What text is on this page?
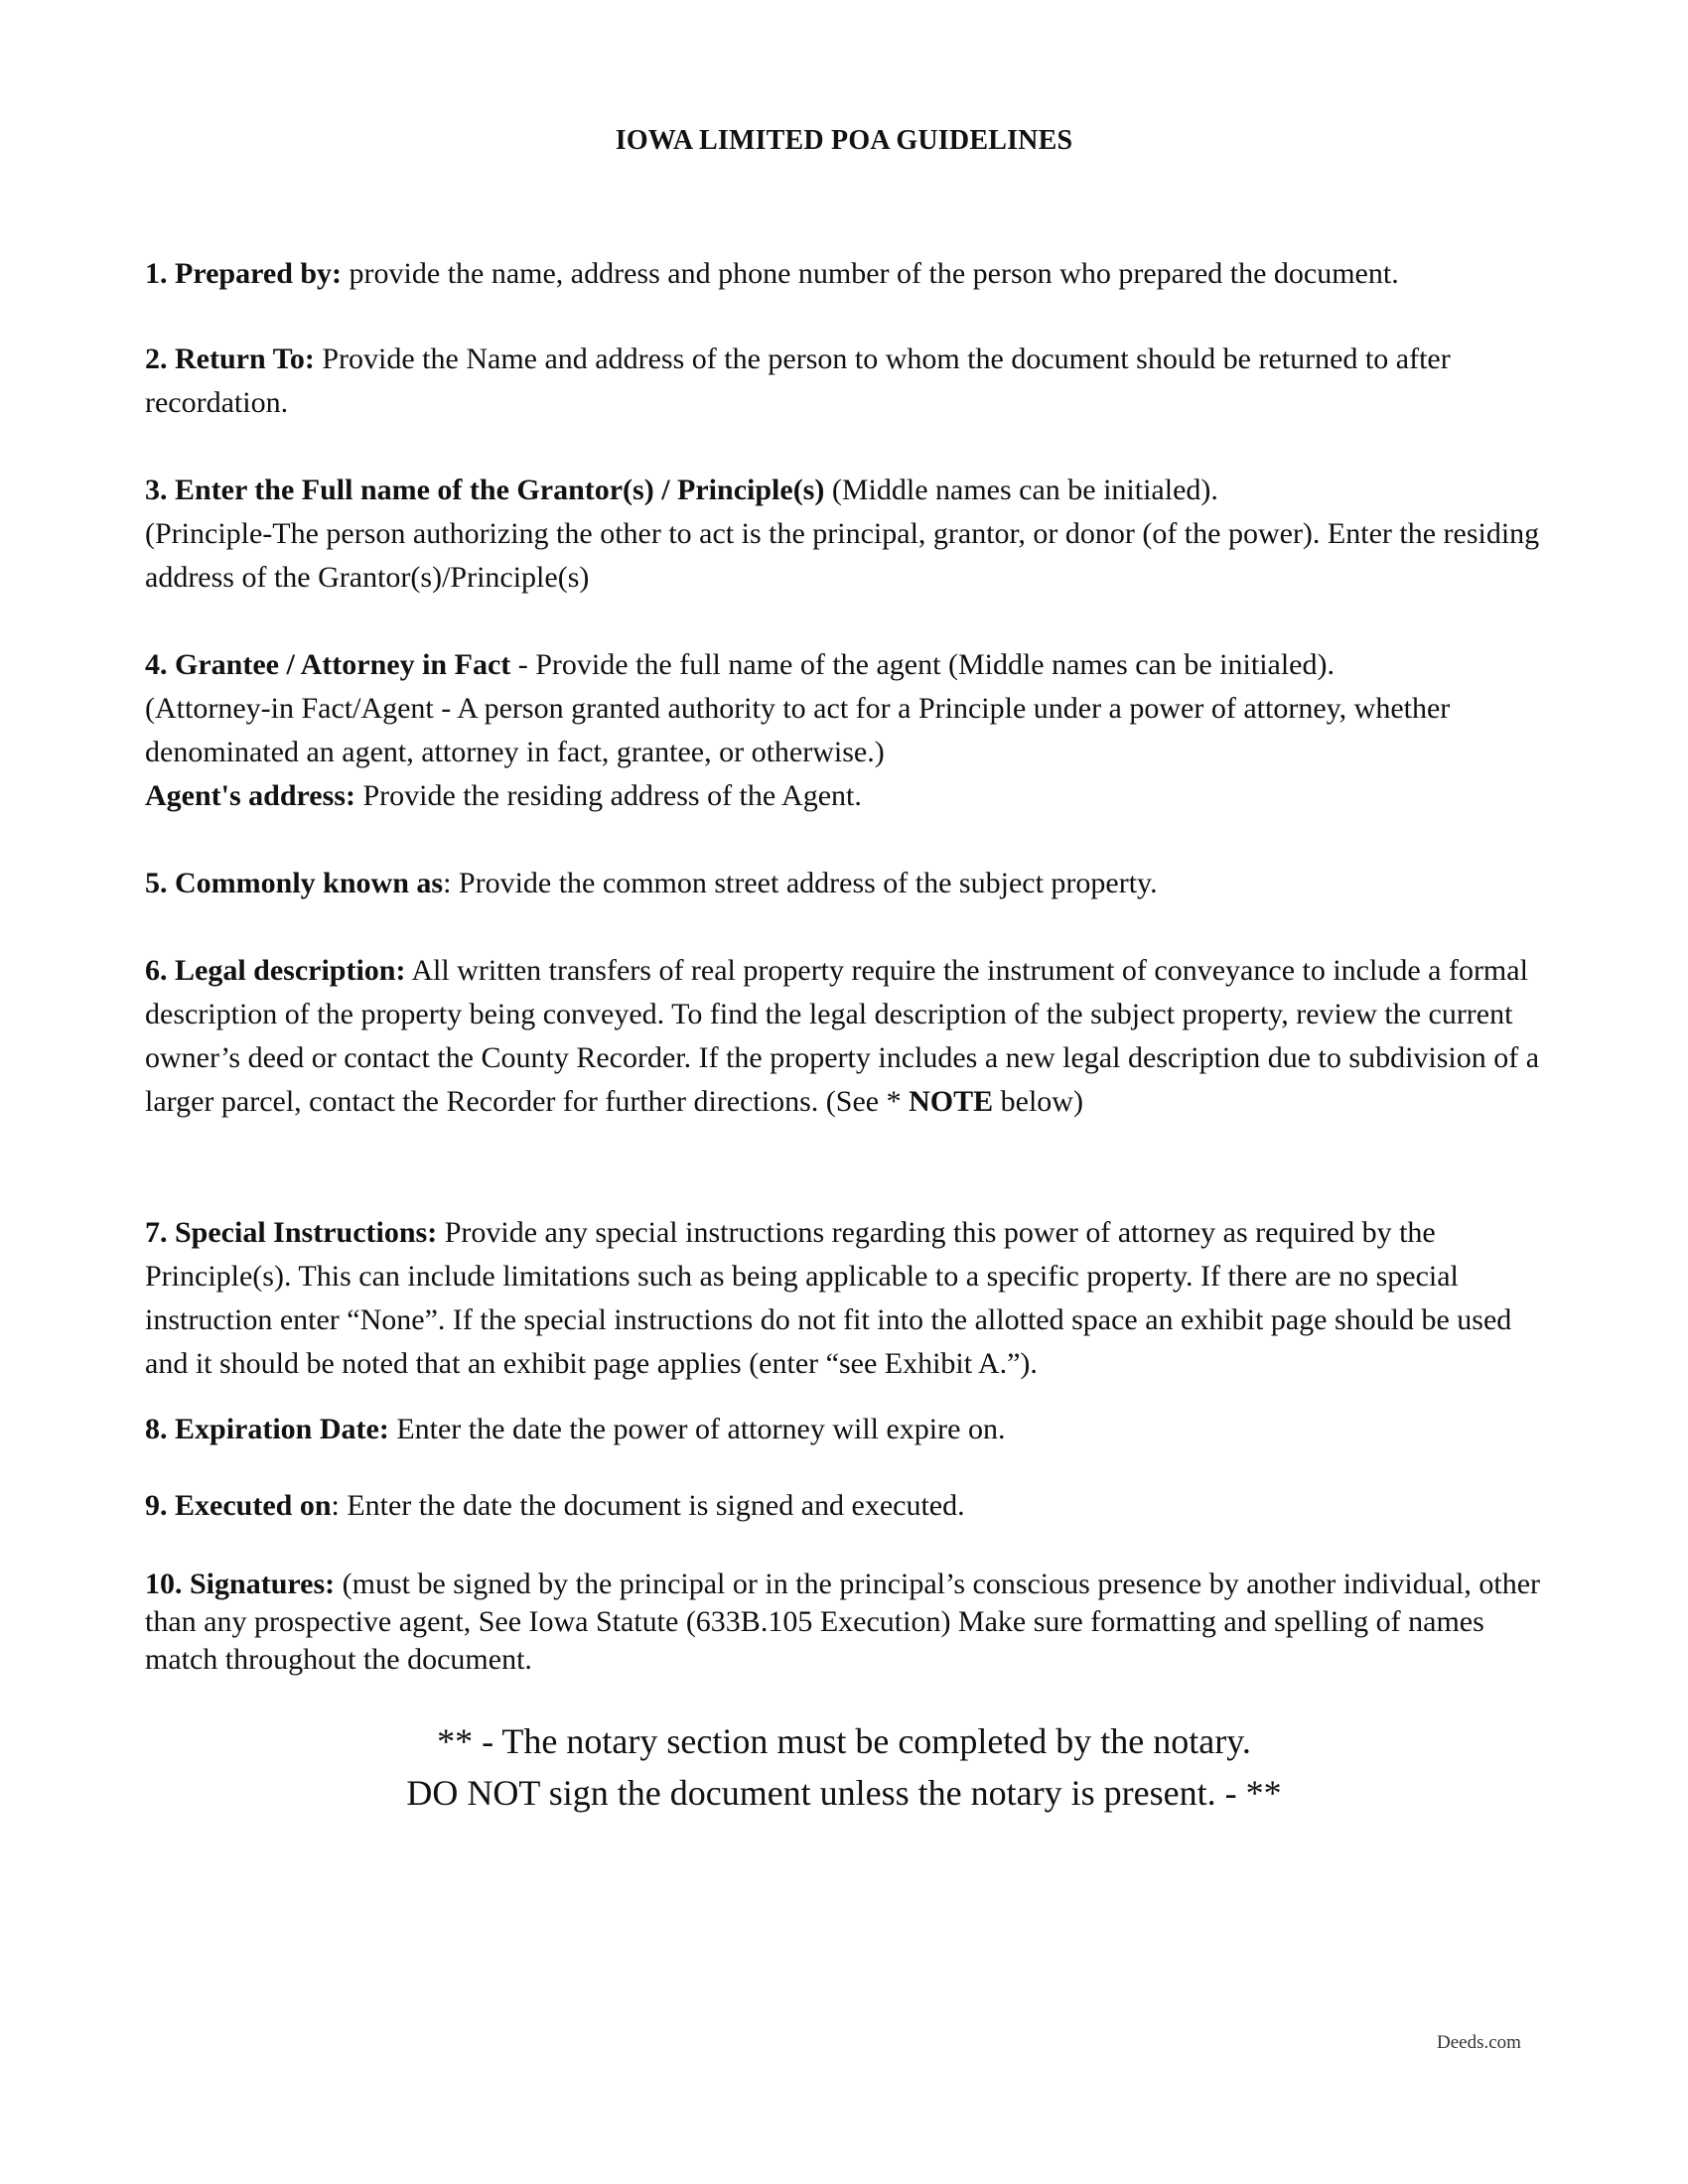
IOWA LIMITED POA GUIDELINES
1. Prepared by: provide the name, address and phone number of the person who prepared the document.
2. Return To: Provide the Name and address of the person to whom the document should be returned to after recordation.
3. Enter the Full name of the Grantor(s) / Principle(s) (Middle names can be initialed).
(Principle-The person authorizing the other to act is the principal, grantor, or donor (of the power). Enter the residing address of the Grantor(s)/Principle(s)
4. Grantee / Attorney in Fact - Provide the full name of the agent (Middle names can be initialed).
(Attorney-in Fact/Agent - A person granted authority to act for a Principle under a power of attorney, whether denominated an agent, attorney in fact, grantee, or otherwise.)
Agent's address: Provide the residing address of the Agent.
5. Commonly known as: Provide the common street address of the subject property.
6. Legal description: All written transfers of real property require the instrument of conveyance to include a formal description of the property being conveyed. To find the legal description of the subject property, review the current owner’s deed or contact the County Recorder. If the property includes a new legal description due to subdivision of a larger parcel, contact the Recorder for further directions. (See * NOTE below)
7. Special Instructions: Provide any special instructions regarding this power of attorney as required by the Principle(s). This can include limitations such as being applicable to a specific property. If there are no special instruction enter “None”. If the special instructions do not fit into the allotted space an exhibit page should be used and it should be noted that an exhibit page applies (enter “see Exhibit A.”).
8. Expiration Date: Enter the date the power of attorney will expire on.
9. Executed on: Enter the date the document is signed and executed.
10. Signatures: (must be signed by the principal or in the principal’s conscious presence by another individual, other than any prospective agent, See Iowa Statute (633B.105 Execution) Make sure formatting and spelling of names match throughout the document.
** - The notary section must be completed by the notary.
DO NOT sign the document unless the notary is present. - **
Deeds.com
